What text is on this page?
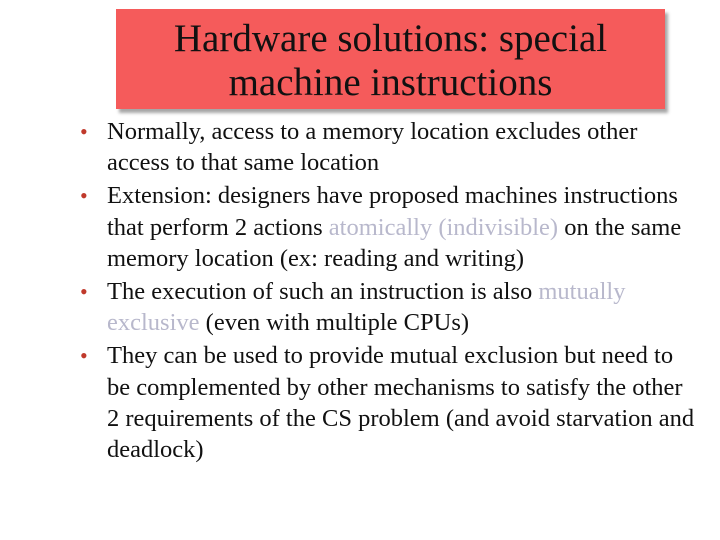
Hardware solutions: special
machine instructions
• Normally, access to a memory location excludes other access to that same location
• Extension: designers have proposed machines instructions that perform 2 actions atomically (indivisible) on the same memory location (ex: reading and writing)
• The execution of such an instruction is also mutually exclusive (even with multiple CPUs)
• They can be used to provide mutual exclusion but need to be complemented by other mechanisms to satisfy the other 2 requirements of the CS problem (and avoid starvation and deadlock)
